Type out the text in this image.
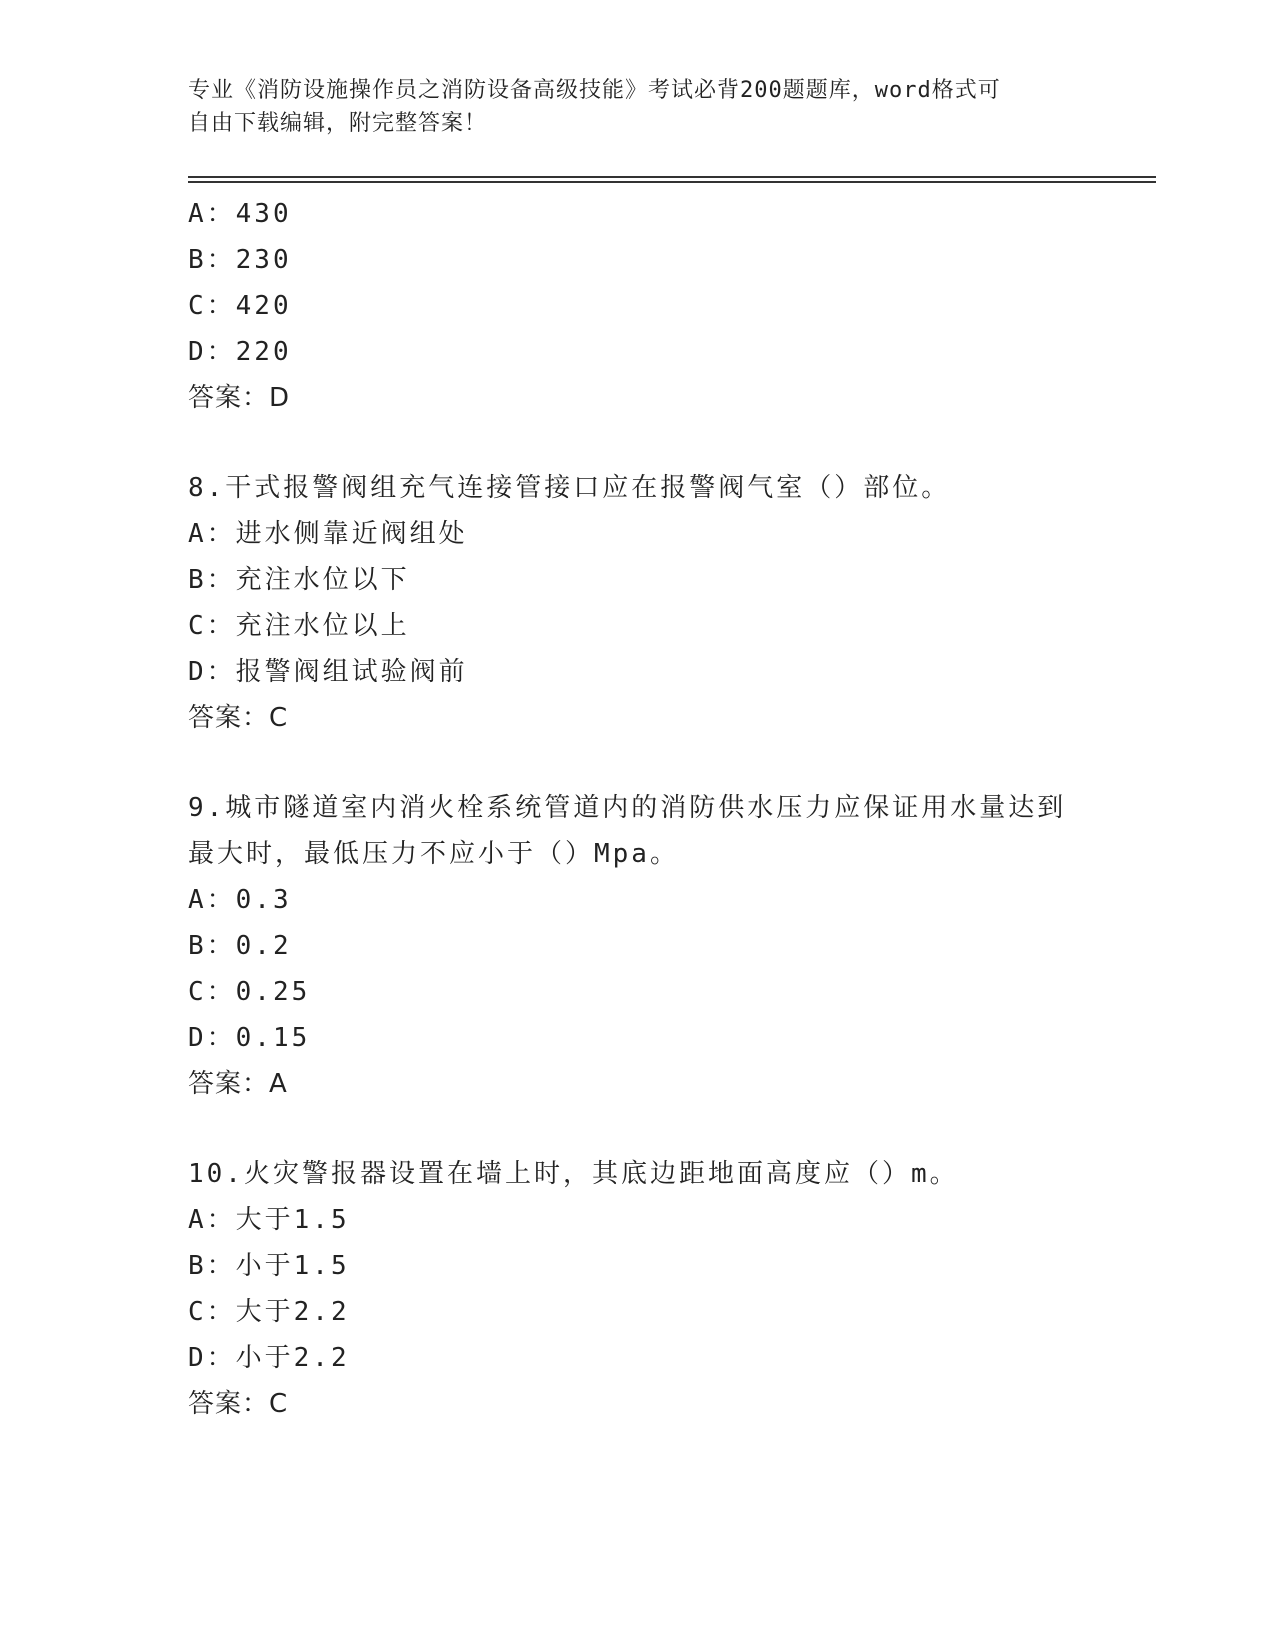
专业《消防设施操作员之消防设备高级技能》考试必背200题题库，word格式可
自由下载编辑，附完整答案！
A：430
B：230
C：420
D：220
答案：D
8.干式报警阀组充气连接管接口应在报警阀气室（）部位。
A：进水侧靠近阀组处
B：充注水位以下
C：充注水位以上
D：报警阀组试验阀前
答案：C
9.城市隧道室内消火栓系统管道内的消防供水压力应保证用水量达到
最大时，最低压力不应小于（）Mpa。
A：0.3
B：0.2
C：0.25
D：0.15
答案：A
10.火灾警报器设置在墙上时，其底边距地面高度应（）m。
A：大于1.5
B：小于1.5
C：大于2.2
D：小于2.2
答案：C
